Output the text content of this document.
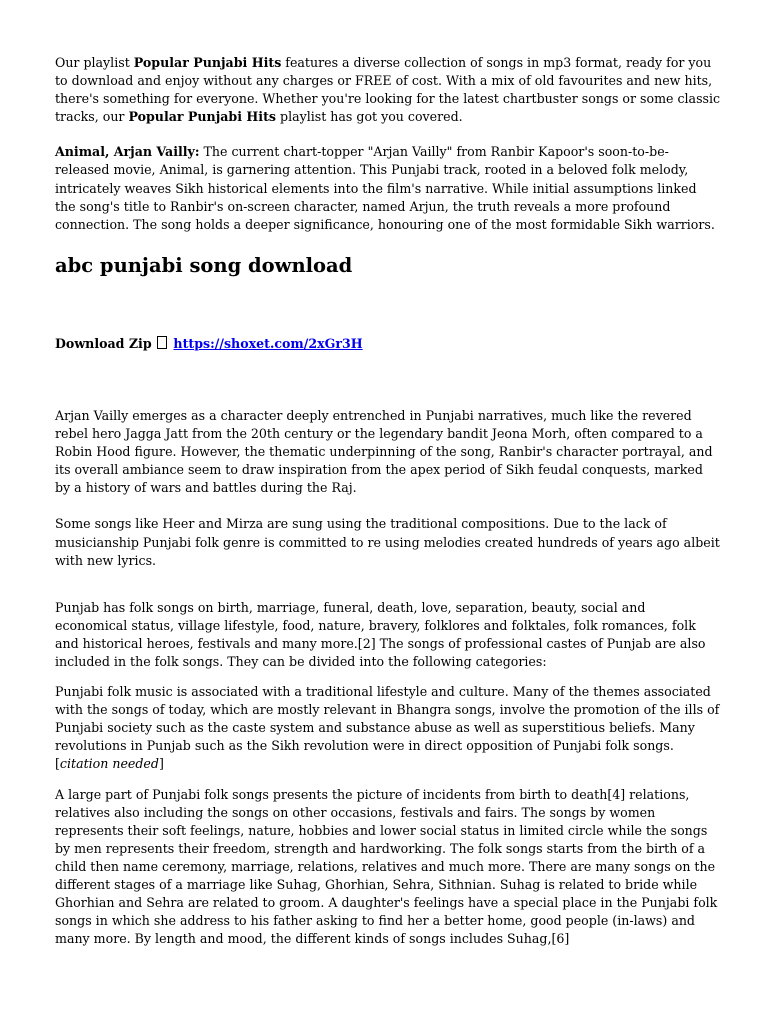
Our playlist Popular Punjabi Hits features a diverse collection of songs in mp3 format, ready for you to download and enjoy without any charges or FREE of cost. With a mix of old favourites and new hits, there's something for everyone. Whether you're looking for the latest chartbuster songs or some classic tracks, our Popular Punjabi Hits playlist has got you covered.

Animal, Arjan Vailly: The current chart-topper "Arjan Vailly" from Ranbir Kapoor's soon-to-be-released movie, Animal, is garnering attention. This Punjabi track, rooted in a beloved folk melody, intricately weaves Sikh historical elements into the film's narrative. While initial assumptions linked the song's title to Ranbir's on-screen character, named Arjun, the truth reveals a more profound connection. The song holds a deeper significance, honouring one of the most formidable Sikh warriors.

abc punjabi song download

Download Zip https://shoxet.com/2xGr3H

Arjan Vailly emerges as a character deeply entrenched in Punjabi narratives, much like the revered rebel hero Jagga Jatt from the 20th century or the legendary bandit Jeona Morh, often compared to a Robin Hood figure. However, the thematic underpinning of the song, Ranbir's character portrayal, and its overall ambiance seem to draw inspiration from the apex period of Sikh feudal conquests, marked by a history of wars and battles during the Raj.

Some songs like Heer and Mirza are sung using the traditional compositions. Due to the lack of musicianship Punjabi folk genre is committed to re using melodies created hundreds of years ago albeit with new lyrics.

Punjab has folk songs on birth, marriage, funeral, death, love, separation, beauty, social and economical status, village lifestyle, food, nature, bravery, folklores and folktales, folk romances, folk and historical heroes, festivals and many more.[2] The songs of professional castes of Punjab are also included in the folk songs. They can be divided into the following categories:

Punjabi folk music is associated with a traditional lifestyle and culture. Many of the themes associated with the songs of today, which are mostly relevant in Bhangra songs, involve the promotion of the ills of Punjabi society such as the caste system and substance abuse as well as superstitious beliefs. Many revolutions in Punjab such as the Sikh revolution were in direct opposition of Punjabi folk songs.[citation needed]

A large part of Punjabi folk songs presents the picture of incidents from birth to death[4] relations, relatives also including the songs on other occasions, festivals and fairs. The songs by women represents their soft feelings, nature, hobbies and lower social status in limited circle while the songs by men represents their freedom, strength and hardworking. The folk songs starts from the birth of a child then name ceremony, marriage, relations, relatives and much more. There are many songs on the different stages of a marriage like Suhag, Ghorhian, Sehra, Sithnian. Suhag is related to bride while Ghorhian and Sehra are related to groom. A daughter's feelings have a special place in the Punjabi folk songs in which she address to his father asking to find her a better home, good people (in-laws) and many more. By length and mood, the different kinds of songs includes Suhag,[6]
